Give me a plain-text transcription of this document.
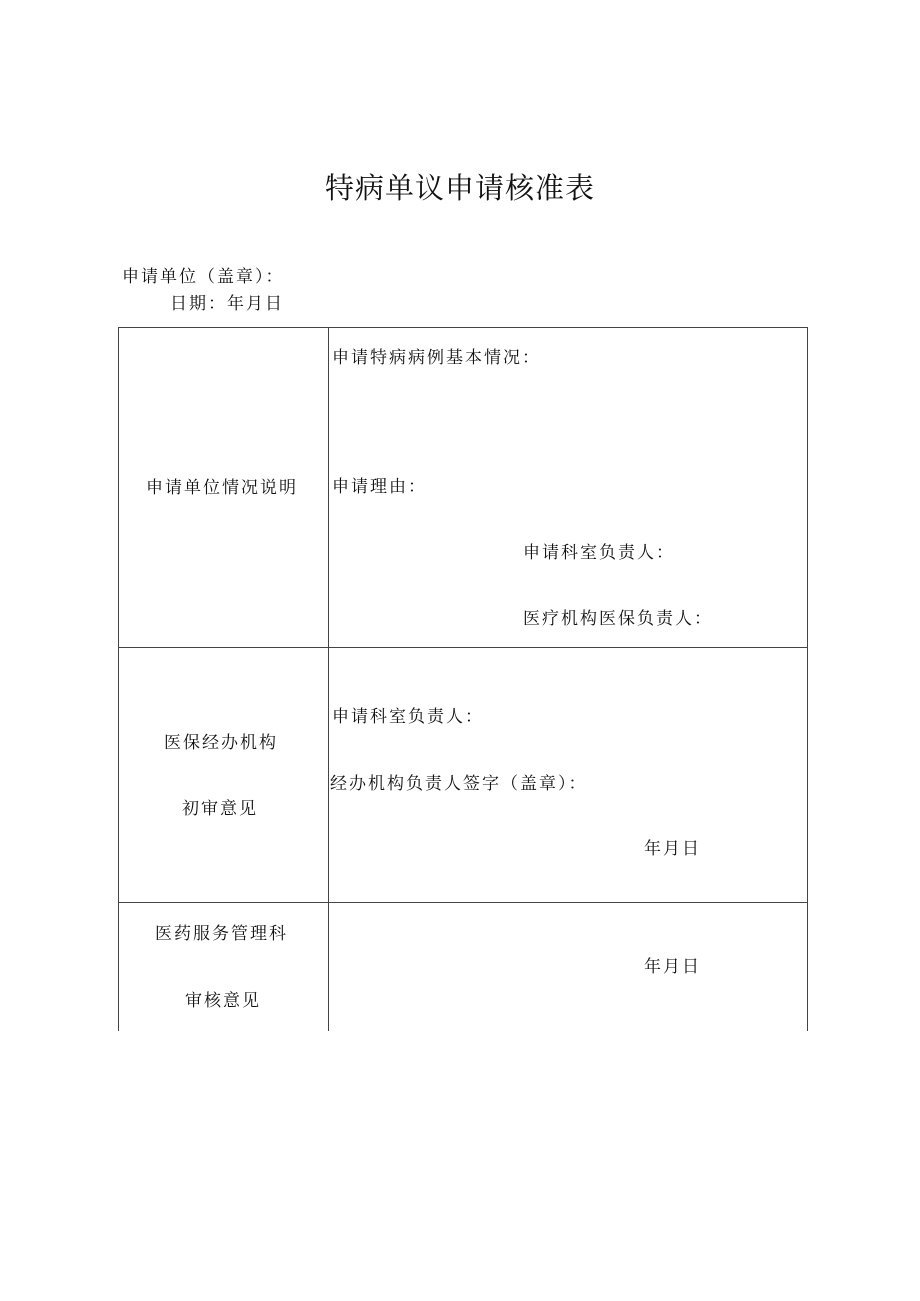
特病单议申请核准表
申请单位（盖章）：
日期：年月日
申请单位情况说明
申请特病病例基本情况：
申请理由：
申请科室负责人：
医疗机构医保负责人：
医保经办机构
初审意见
申请科室负责人：
经办机构负责人签字（盖章）：
年月日
医药服务管理科
审核意见
年月日
